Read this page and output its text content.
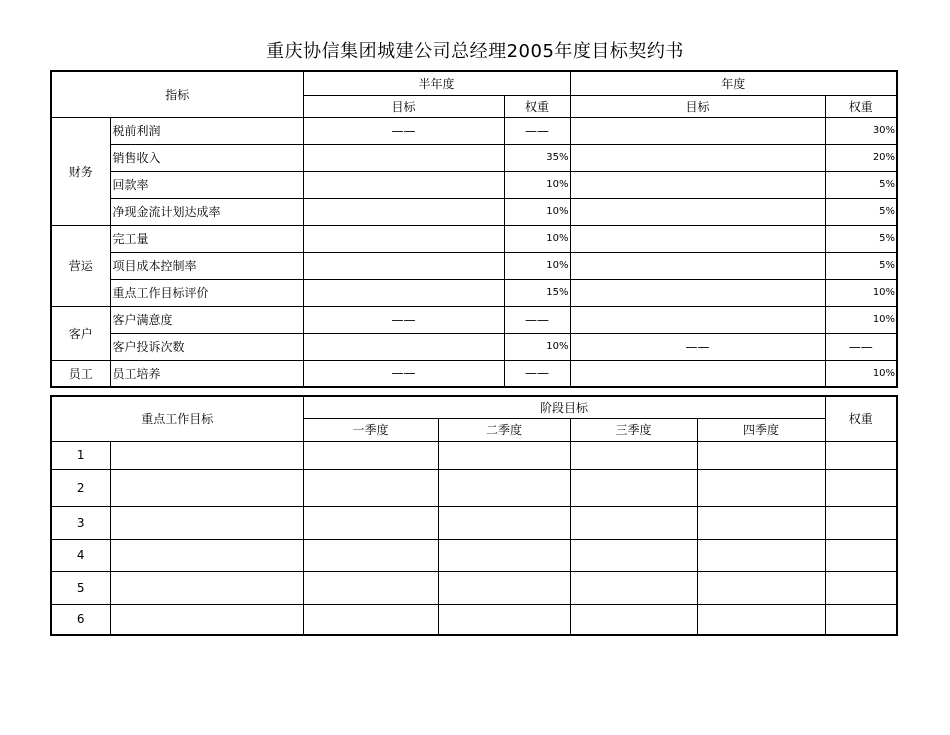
重庆协信集团城建公司总经理2005年度目标契约书
指标		半年度		年度	
		目标	权重	目标	权重
财务	税前利润	——	——		30%
	销售收入		35%		20%
	回款率		10%		5%
	净现金流计划达成率		10%		5%
营运	完工量		10%		5%
	项目成本控制率		10%		5%
	重点工作目标评价		15%		10%
客户	客户满意度	——	——		10%
	客户投诉次数		10%	——	——
员工	员工培养	——	——		10%
重点工作目标		阶段目标				权重
		一季度	二季度	三季度	四季度	
1						
2						
3						
4						
5						
6						
